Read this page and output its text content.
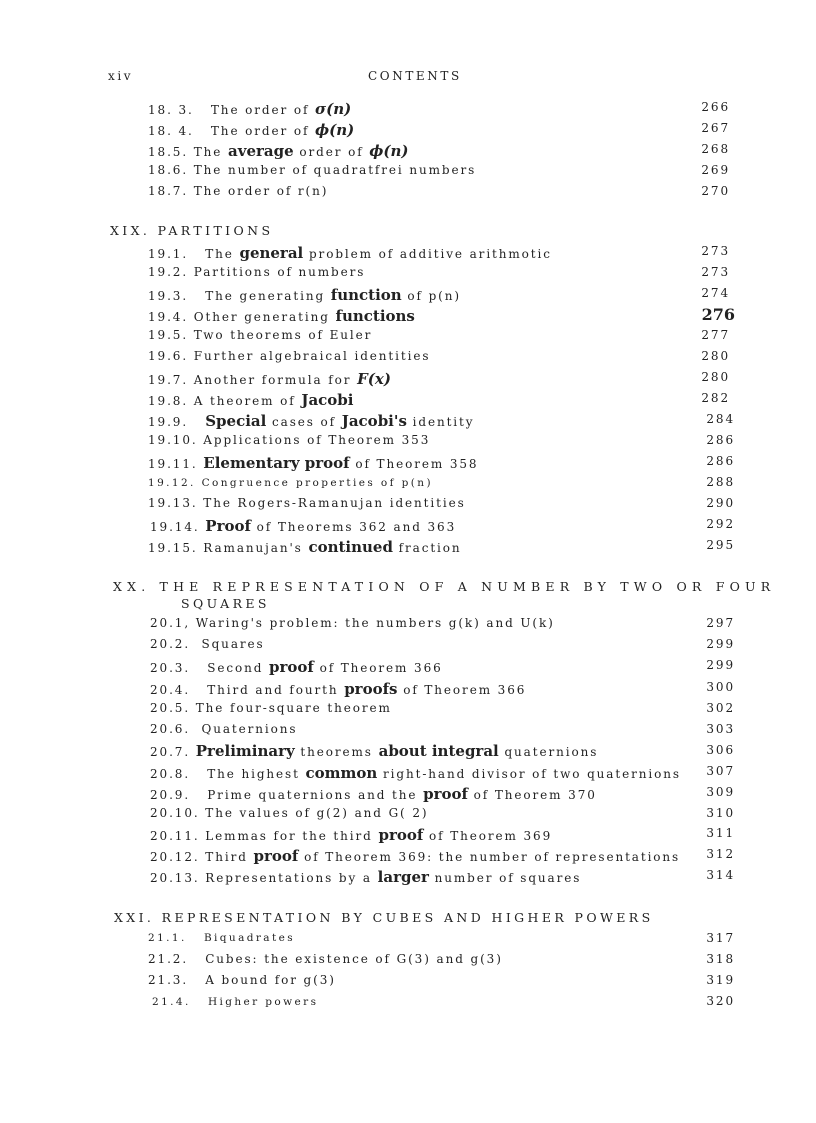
xiv	CONTENTS
18. 3. The order of σ(n)	266
18. 4. The order of ϕ(n)	267
18.5. The average order of ϕ(n)	268
18.6. The number of quadratfrei numbers	269
18.7. The order of r(n)	270
XIX. PARTITIONS
19.1. The general problem of additive arithmotic	273
19.2. Partitions of numbers	273
19.3. The generating function of p(n)	274
19.4. Other generating functions	276
19.5. Two theorems of Euler	277
19.6. Further algebraical identities	280
19.7. Another formula for F(x)	280
19.8. A theorem of Jacobi	282
19.9. Special cases of Jacobi's identity	284
19.10. Applications of Theorem 353	286
19.11. Elementary proof of Theorem 358	286
19.12. Congruence properties of p(n)	288
19.13. The Rogers-Ramanujan identities	290
19.14. Proof of Theorems 362 and 363	292
19.15. Ramanujan's continued fraction	295
XX. THE REPRESENTATION OF A NUMBER BY TWO OR FOUR
SQUARES
20.1, Waring's problem: the numbers g(k) and U(k)	297
20.2. Squares	299
20.3. Second proof of Theorem 366	299
20.4. Third and fourth proofs of Theorem 366	300
20.5. The four-square theorem	302
20.6. Quaternions	303
20.7. Preliminary theorems about integral quaternions	306
20.8. The highest common right-hand divisor of two quaternions	307
20.9. Prime quaternions and the proof of Theorem 370	309
20.10. The values of g(2) and G( 2)	310
20.11. Lemmas for the third proof of Theorem 369	311
20.12. Third proof of Theorem 369: the number of representations	312
20.13. Representations by a larger number of squares	314
XXI. REPRESENTATION BY CUBES AND HIGHER POWERS
21.1. Biquadrates	317
21.2. Cubes: the existence of G(3) and g(3)	318
21.3. A bound for g(3)	319
21.4. Higher powers	320
